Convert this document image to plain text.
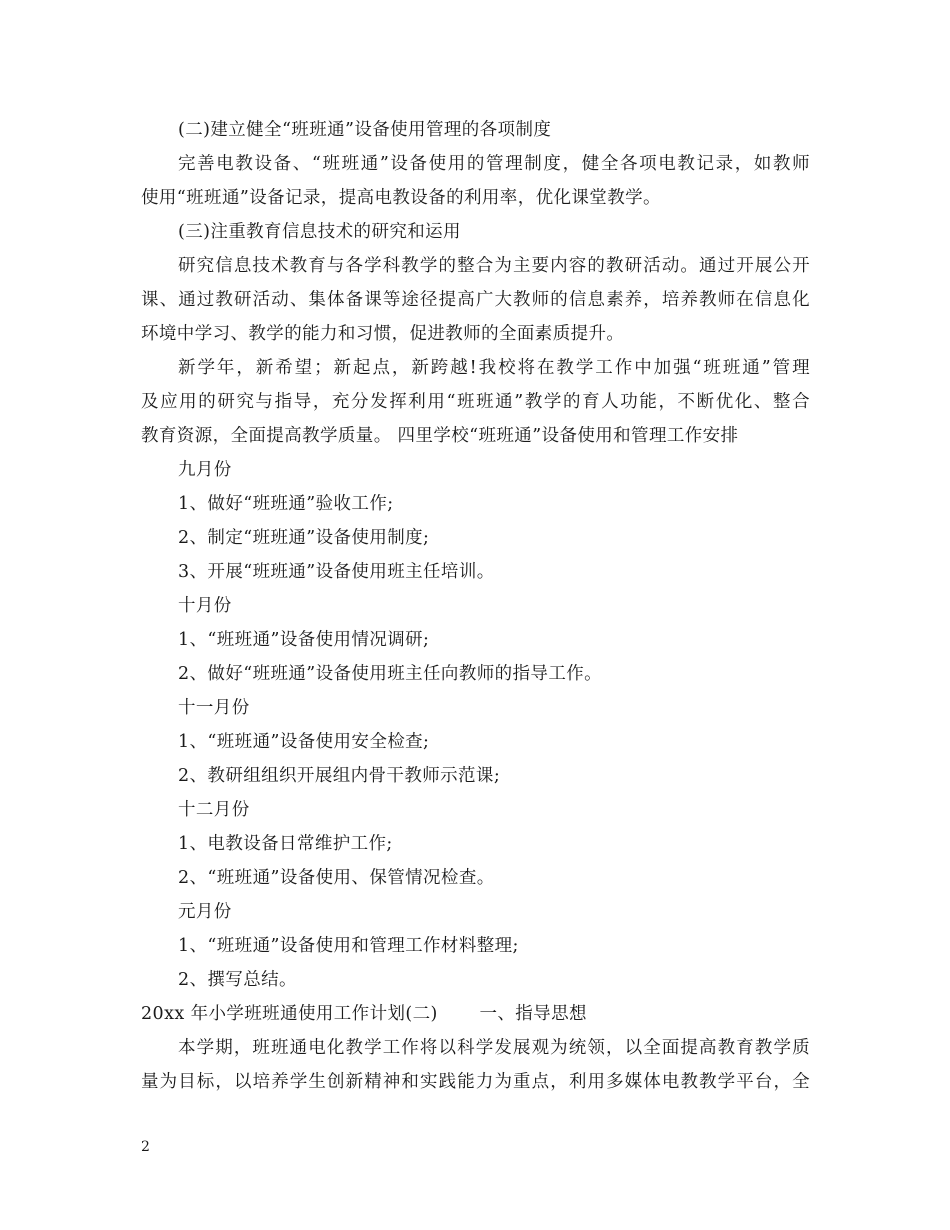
(二)建立健全“班班通”设备使用管理的各项制度
完善电教设备、“班班通”设备使用的管理制度，健全各项电教记录，如教师
使用“班班通”设备记录，提高电教设备的利用率，优化课堂教学。
(三)注重教育信息技术的研究和运用
研究信息技术教育与各学科教学的整合为主要内容的教研活动。通过开展公开
课、通过教研活动、集体备课等途径提高广大教师的信息素养，培养教师在信息化
环境中学习、教学的能力和习惯，促进教师的全面素质提升。
新学年，新希望；新起点，新跨越!我校将在教学工作中加强“班班通”管理
及应用的研究与指导，充分发挥利用“班班通”教学的育人功能，不断优化、整合
教育资源，全面提高教学质量。 四里学校“班班通”设备使用和管理工作安排
九月份
1、做好“班班通”验收工作;
2、制定“班班通”设备使用制度;
3、开展“班班通”设备使用班主任培训。
十月份
1、“班班通”设备使用情况调研;
2、做好“班班通”设备使用班主任向教师的指导工作。
十一月份
1、“班班通”设备使用安全检查;
2、教研组组织开展组内骨干教师示范课;
十二月份
1、电教设备日常维护工作;
2、“班班通”设备使用、保管情况检查。
元月份
1、“班班通”设备使用和管理工作材料整理;
2、撰写总结。
20xx 年小学班班通使用工作计划(二)　　 一、指导思想
本学期，班班通电化教学工作将以科学发展观为统领，以全面提高教育教学质
量为目标，以培养学生创新精神和实践能力为重点，利用多媒体电教教学平台，全
2
